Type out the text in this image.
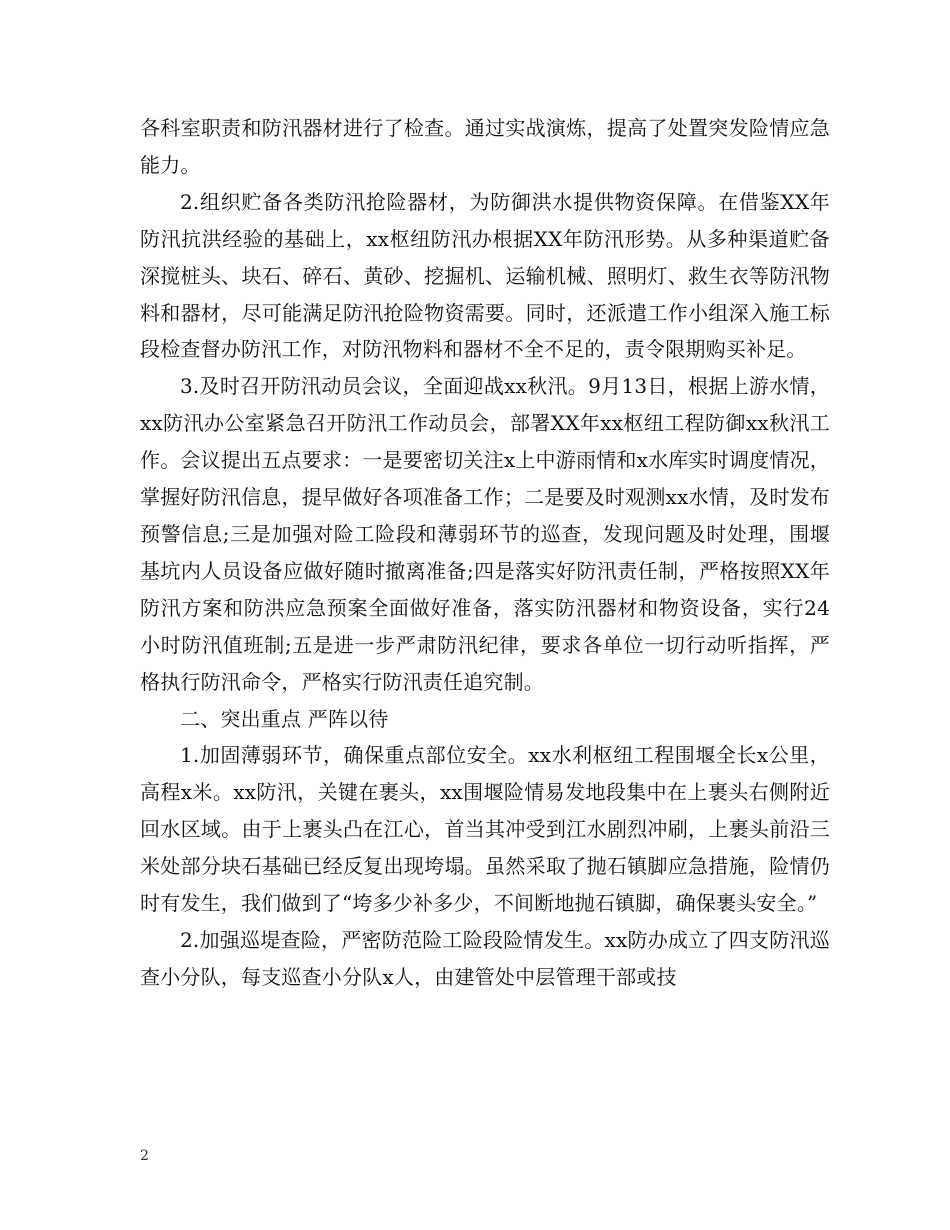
各科室职责和防汛器材进行了检查。通过实战演炼，提高了处置突发险情应急能力。

2.组织贮备各类防汛抢险器材，为防御洪水提供物资保障。在借鉴XX年防汛抗洪经验的基础上，xx枢纽防汛办根据XX年防汛形势。从多种渠道贮备深搅桩头、块石、碎石、黄砂、挖掘机、运输机械、照明灯、救生衣等防汛物料和器材，尽可能满足防汛抢险物资需要。同时，还派遣工作小组深入施工标段检查督办防汛工作，对防汛物料和器材不全不足的，责令限期购买补足。

3.及时召开防汛动员会议，全面迎战xx秋汛。9月13日，根据上游水情，xx防汛办公室紧急召开防汛工作动员会，部署XX年xx枢纽工程防御xx秋汛工作。会议提出五点要求：一是要密切关注x上中游雨情和x水库实时调度情况，掌握好防汛信息，提早做好各项准备工作；二是要及时观测xx水情，及时发布预警信息;三是加强对险工险段和薄弱环节的巡查，发现问题及时处理，围堰基坑内人员设备应做好随时撤离准备;四是落实好防汛责任制，严格按照XX年防汛方案和防洪应急预案全面做好准备，落实防汛器材和物资设备，实行24小时防汛值班制;五是进一步严肃防汛纪律，要求各单位一切行动听指挥，严格执行防汛命令，严格实行防汛责任追究制。

二、突出重点 严阵以待

1.加固薄弱环节，确保重点部位安全。xx水利枢纽工程围堰全长x公里，高程x米。xx防汛，关键在裹头，xx围堰险情易发地段集中在上裹头右侧附近回水区域。由于上裹头凸在江心，首当其冲受到江水剧烈冲刷，上裹头前沿三米处部分块石基础已经反复出现垮塌。虽然采取了抛石镇脚应急措施，险情仍时有发生，我们做到了“垮多少补多少，不间断地抛石镇脚，确保裹头安全。”

2.加强巡堤查险，严密防范险工险段险情发生。xx防办成立了四支防汛巡查小分队，每支巡查小分队x人，由建管处中层管理干部或技

2
